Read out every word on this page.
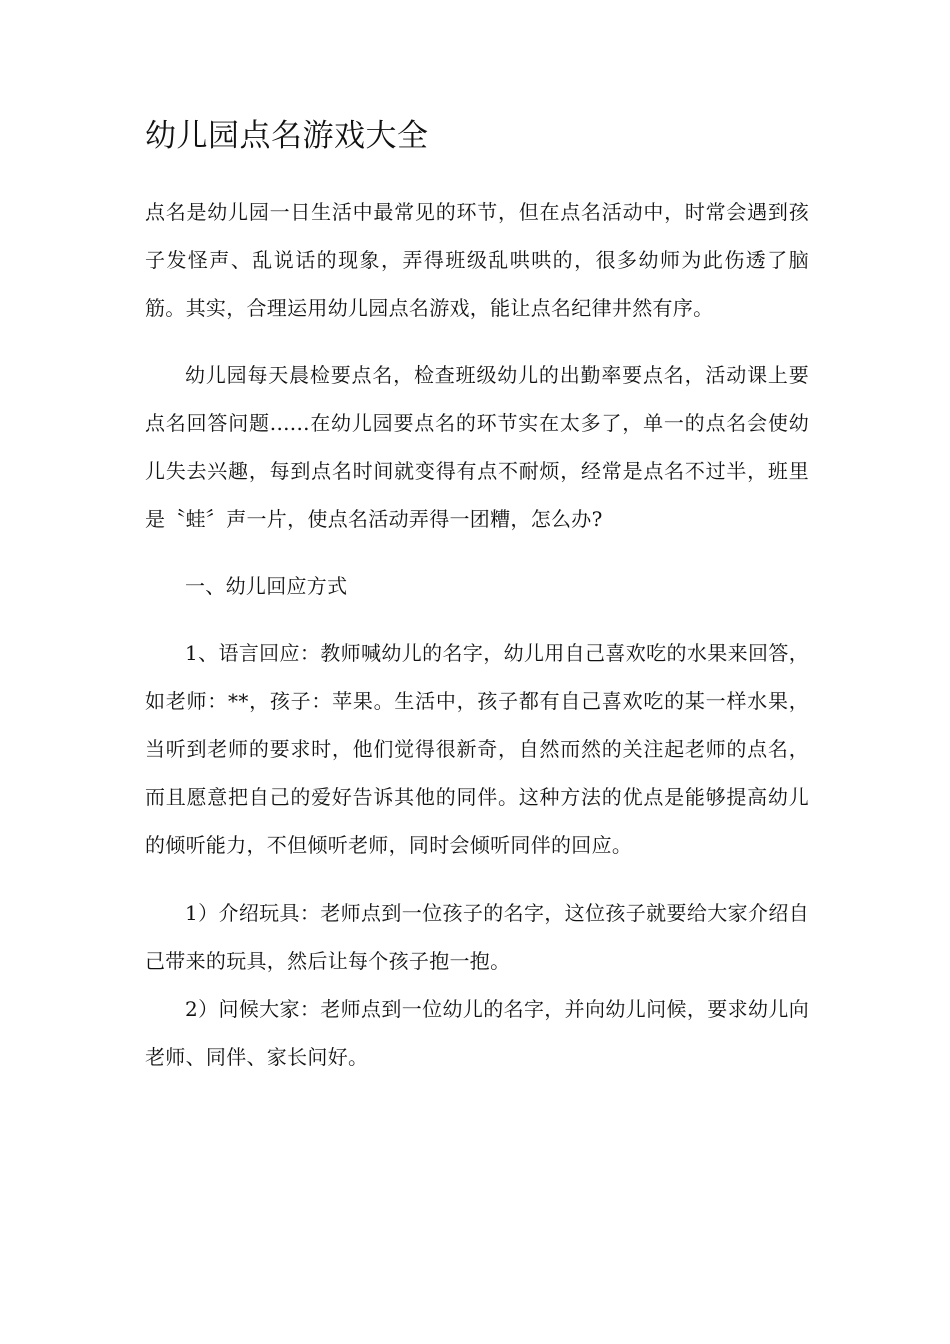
幼儿园点名游戏大全

点名是幼儿园一日生活中最常见的环节，但在点名活动中，时常会遇到孩子发怪声、乱说话的现象，弄得班级乱哄哄的，很多幼师为此伤透了脑筋。其实，合理运用幼儿园点名游戏，能让点名纪律井然有序。

幼儿园每天晨检要点名，检查班级幼儿的出勤率要点名，活动课上要点名回答问题......在幼儿园要点名的环节实在太多了，单一的点名会使幼儿失去兴趣，每到点名时间就变得有点不耐烦，经常是点名不过半，班里是〝蛙〞声一片，使点名活动弄得一团糟，怎么办?

一、幼儿回应方式

1、语言回应：教师喊幼儿的名字，幼儿用自己喜欢吃的水果来回答，如老师：**，孩子：苹果。生活中，孩子都有自己喜欢吃的某一样水果，当听到老师的要求时，他们觉得很新奇，自然而然的关注起老师的点名，而且愿意把自己的爱好告诉其他的同伴。这种方法的优点是能够提高幼儿的倾听能力，不但倾听老师，同时会倾听同伴的回应。

1）介绍玩具：老师点到一位孩子的名字，这位孩子就要给大家介绍自己带来的玩具，然后让每个孩子抱一抱。

2）问候大家：老师点到一位幼儿的名字，并向幼儿问候，要求幼儿向老师、同伴、家长问好。
